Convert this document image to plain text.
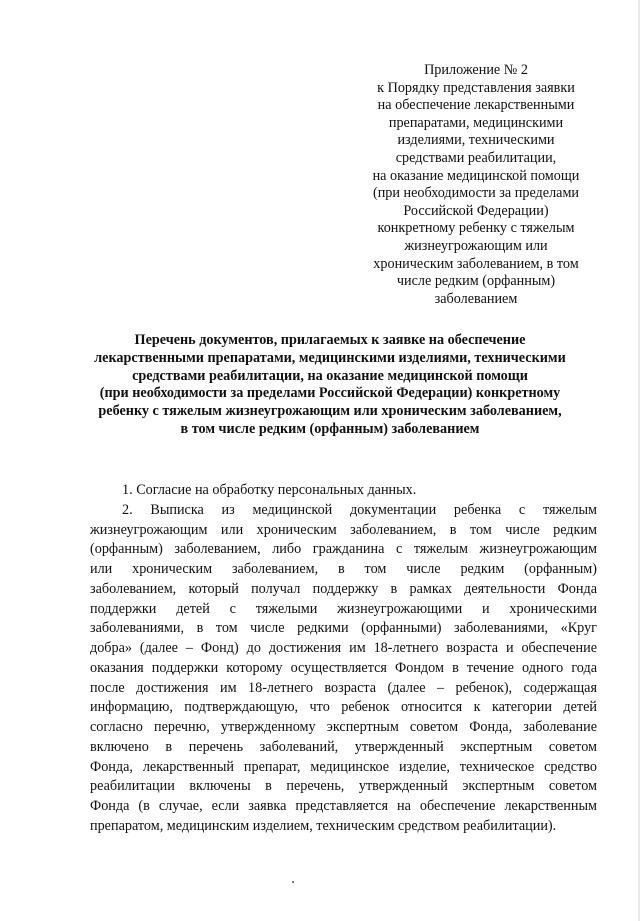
Приложение № 2
к Порядку представления заявки
на обеспечение лекарственными
препаратами, медицинскими
изделиями, техническими
средствами реабилитации,
на оказание медицинской помощи
(при необходимости за пределами
Российской Федерации)
конкретному ребенку с тяжелым
жизнеугрожающим или
хроническим заболеванием, в том
числе редким (орфанным)
заболеванием
Перечень документов, прилагаемых к заявке на обеспечение
лекарственными препаратами, медицинскими изделиями, техническими
средствами реабилитации, на оказание медицинской помощи
(при необходимости за пределами Российской Федерации) конкретному
ребенку с тяжелым жизнеугрожающим или хроническим заболеванием,
в том числе редким (орфанным) заболеванием
1. Согласие на обработку персональных данных.
2. Выписка из медицинской документации ребенка с тяжелым
жизнеугрожающим или хроническим заболеванием, в том числе редким
(орфанным) заболеванием, либо гражданина с тяжелым жизнеугрожающим
или хроническим заболеванием, в том числе редким (орфанным)
заболеванием, который получал поддержку в рамках деятельности Фонда
поддержки детей с тяжелыми жизнеугрожающими и хроническими
заболеваниями, в том числе редкими (орфанными) заболеваниями, «Круг
добра» (далее – Фонд) до достижения им 18-летнего возраста и обеспечение
оказания поддержки которому осуществляется Фондом в течение одного года
после достижения им 18-летнего возраста (далее – ребенок), содержащая
информацию, подтверждающую, что ребенок относится к категории детей
согласно перечню, утвержденному экспертным советом Фонда, заболевание
включено в перечень заболеваний, утвержденный экспертным советом
Фонда, лекарственный препарат, медицинское изделие, техническое средство
реабилитации включены в перечень, утвержденный экспертным советом
Фонда (в случае, если заявка представляется на обеспечение лекарственным
препаратом, медицинским изделием, техническим средством реабилитации).
